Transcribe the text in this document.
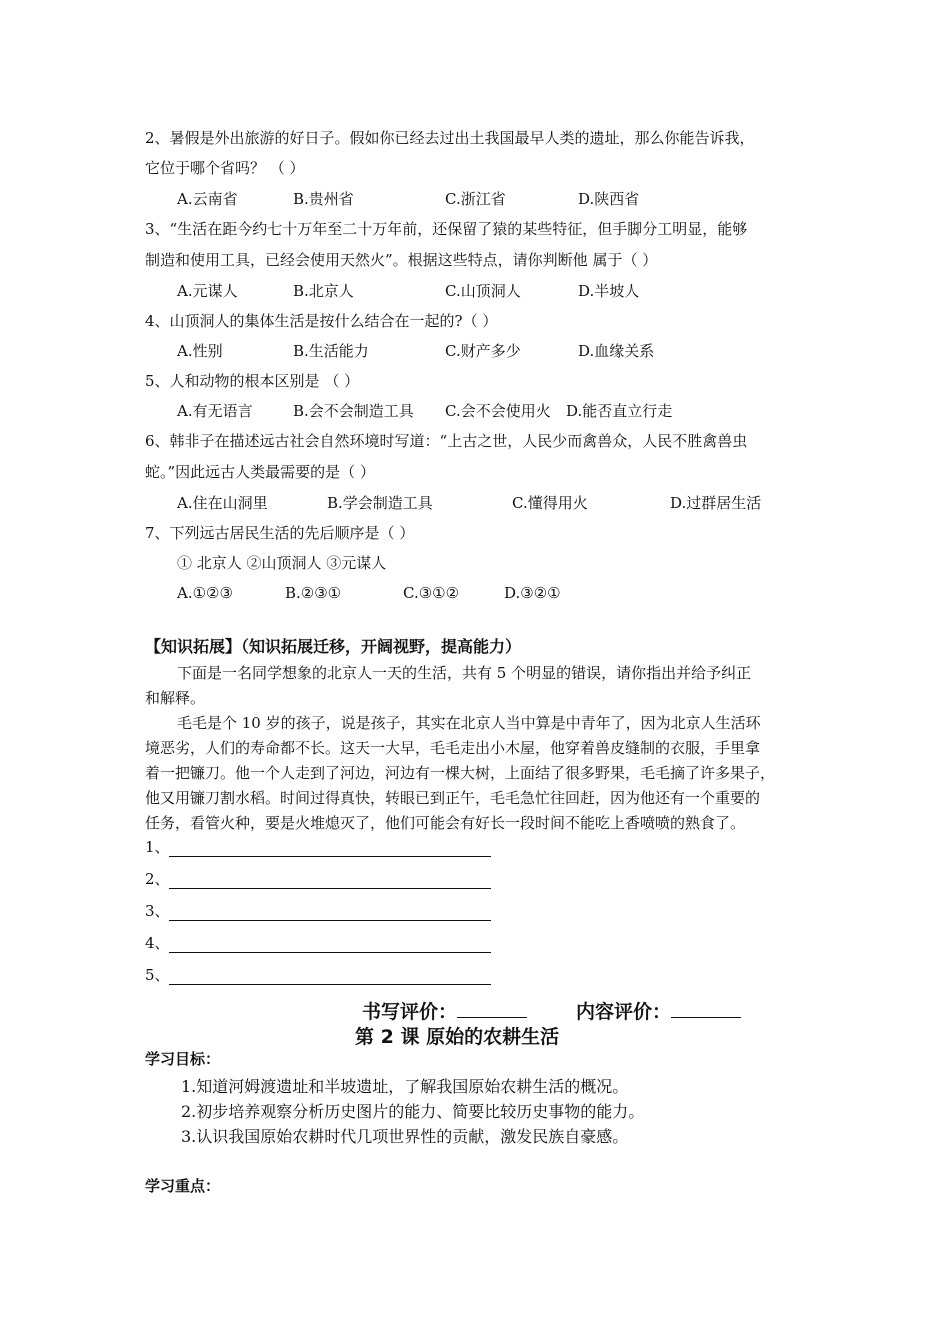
2、暑假是外出旅游的好日子。假如你已经去过出土我国最早人类的遗址，那么你能告诉我，
它位于哪个省吗？ （ ）
A.云南省	B.贵州省	C.浙江省	D.陕西省
3、“生活在距今约七十万年至二十万年前，还保留了猿的某些特征，但手脚分工明显，能够
制造和使用工具，已经会使用天然火”。根据这些特点，请你判断他 属于（ ）
A.元谋人	B.北京人	C.山顶洞人	D.半坡人
4、山顶洞人的集体生活是按什么结合在一起的?（ ）
A.性别	B.生活能力	C.财产多少	D.血缘关系
5、人和动物的根本区别是 （ ）
A.有无语言	B.会不会制造工具 C.会不会使用火 D.能否直立行走
6、韩非子在描述远古社会自然环境时写道：“上古之世，人民少而禽兽众，人民不胜禽兽虫
蛇。”因此远古人类最需要的是（ ）
A.住在山洞里	B.学会制造工具	C.懂得用火	D.过群居生活
7、下列远古居民生活的先后顺序是（ ）
① 北京人 ②山顶洞人 ③元谋人
A.①②③	B.②③①	C.③①②	D.③②①
【知识拓展】（知识拓展迁移，开阔视野，提高能力）
下面是一名同学想象的北京人一天的生活，共有 5 个明显的错误，请你指出并给予纠正
和解释。
毛毛是个 10 岁的孩子，说是孩子，其实在北京人当中算是中青年了，因为北京人生活环
境恶劣，人们的寿命都不长。这天一大早，毛毛走出小木屋，他穿着兽皮缝制的衣服，手里拿
着一把镰刀。他一个人走到了河边，河边有一棵大树，上面结了很多野果，毛毛摘了许多果子，
他又用镰刀割水稻。时间过得真快，转眼已到正午，毛毛急忙往回赶，因为他还有一个重要的
任务，看管火种，要是火堆熄灭了，他们可能会有好长一段时间不能吃上香喷喷的熟食了。
1、
2、
3、
4、
5、
书写评价：	内容评价：
第 2 课 原始的农耕生活
学习目标：
1.知道河姆渡遗址和半坡遗址，了解我国原始农耕生活的概况。
2.初步培养观察分析历史图片的能力、简要比较历史事物的能力。
3.认识我国原始农耕时代几项世界性的贡献，激发民族自豪感。
学习重点：
